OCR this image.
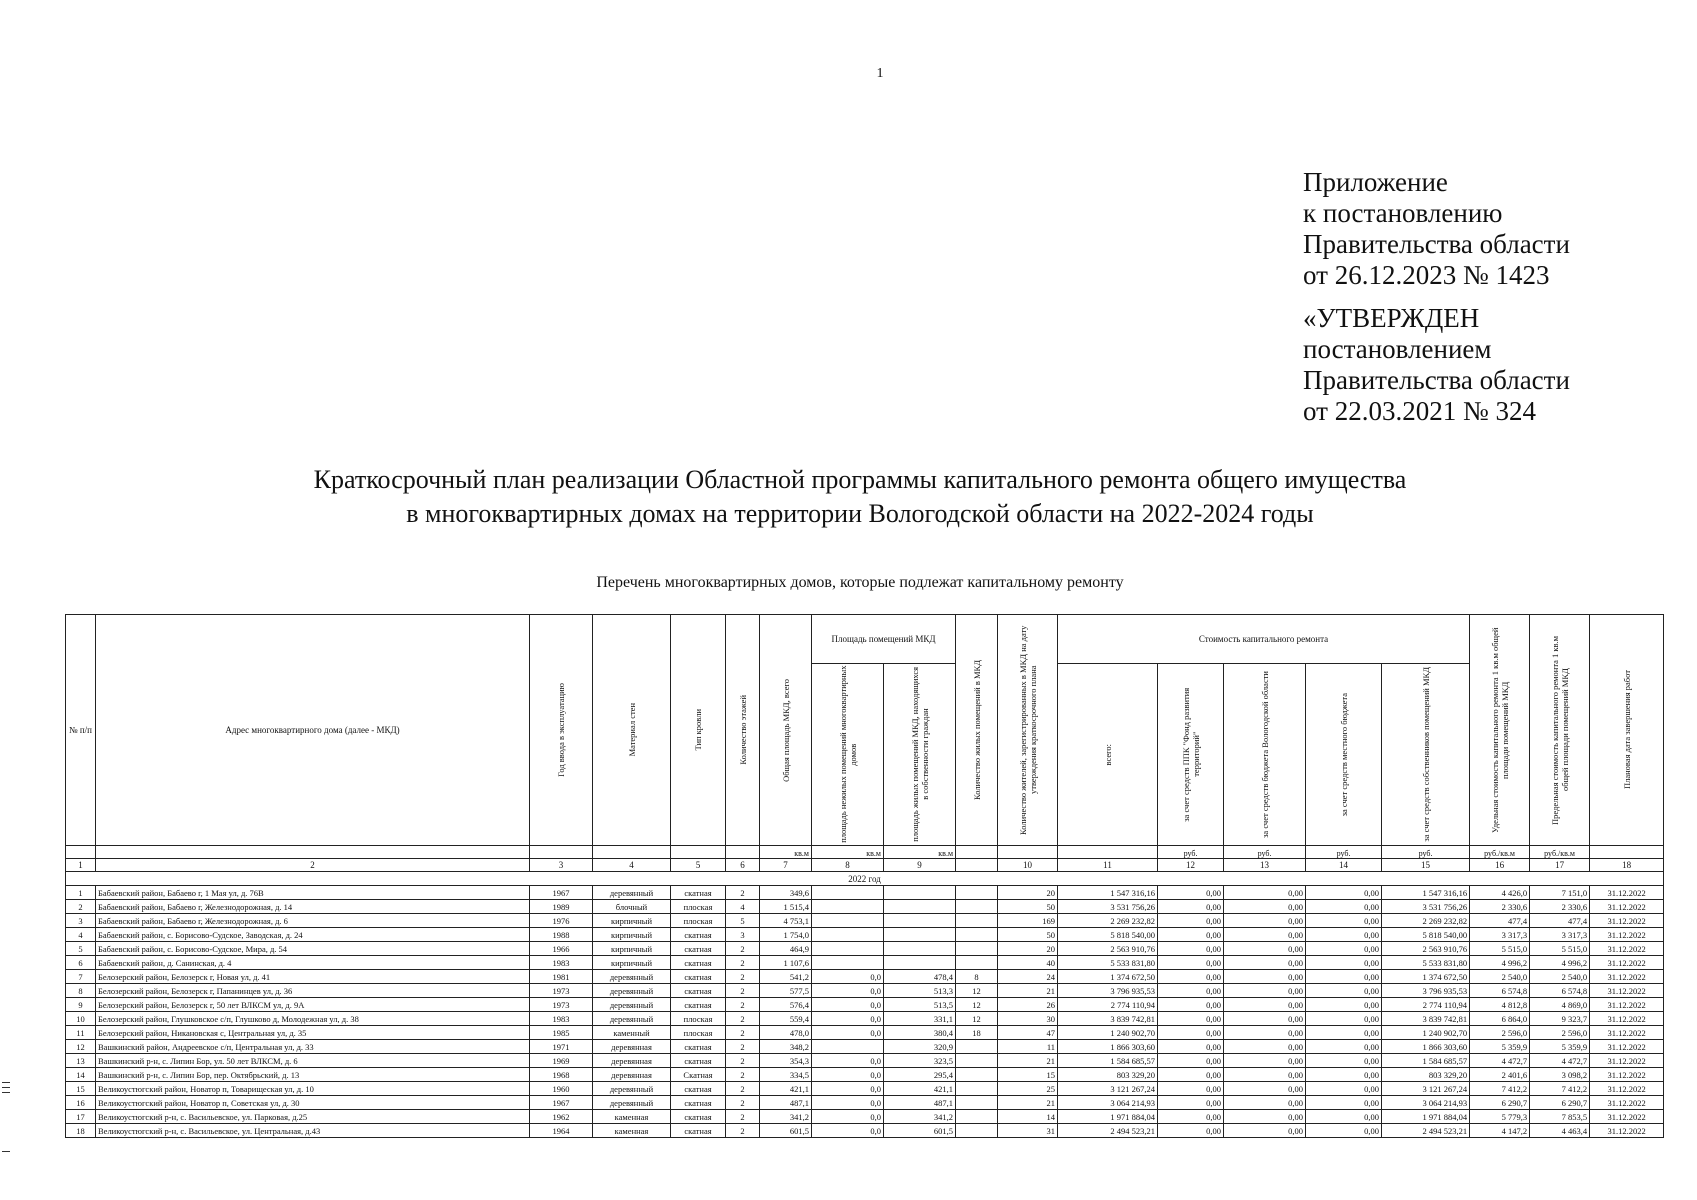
1
Приложение
к постановлению
Правительства области
от 26.12.2023 № 1423
«УТВЕРЖДЕН
постановлением
Правительства области
от 22.03.2021 № 324
Краткосрочный план реализации Областной программы капитального ремонта общего имущества
в многоквартирных домах на территории Вологодской области на 2022-2024 годы
Перечень многоквартирных домов, которые подлежат капитальному ремонту
№ п/п	Адрес многоквартирного дома (далее - МКД)	Год ввода в эксплуатацию	Материал стен	Тип кровли	Количество этажей	Общая площадь МКД, всего	Площадь помещений МКД		Количество жилых помещений в МКД	Количество жителей, зарегистрированных в МКД на дату утверждения краткосрочного плана	Стоимость капитального ремонта					Удельная стоимость капитального ремонта 1 кв.м общей площади помещений МКД	Предельная стоимость капитального ремонта 1 кв.м общей площади помещений МКД	Плановая дата завершения работ

							площадь нежилых помещений многоквартирных домов	площадь жилых помещений МКД, находящихся в собственности граждан			всего:	за счет средств ППК "Фонд развития территорий"	за счет средств бюджета Вологодской области	за счет средств местного бюджета	за счет средств собственников помещений МКД			

						кв.м	кв.м	кв.м				руб.	руб.	руб.	руб.	руб./кв.м	руб./кв.м	
1	2	3	4	5	6	7	8	9		10	11	12	13	14	15	16	17	18
2022 год																		
1	Бабаевский район, Бабаево г, 1 Мая ул, д. 76В	1967	деревянный	скатная	2	349,6				20	1 547 316,16	0,00	0,00	0,00	1 547 316,16	4 426,0	7 151,0	31.12.2022
2	Бабаевский район, Бабаево г, Железнодорожная, д. 14	1989	блочный	плоская	4	1 515,4				50	3 531 756,26	0,00	0,00	0,00	3 531 756,26	2 330,6	2 330,6	31.12.2022
3	Бабаевский район, Бабаево г, Железнодорожная, д. 6	1976	кирпичный	плоская	5	4 753,1				169	2 269 232,82	0,00	0,00	0,00	2 269 232,82	477,4	477,4	31.12.2022
4	Бабаевский район, с. Борисово-Судское, Заводская, д. 24	1988	кирпичный	скатная	3	1 754,0				50	5 818 540,00	0,00	0,00	0,00	5 818 540,00	3 317,3	3 317,3	31.12.2022
5	Бабаевский район, с. Борисово-Судское, Мира, д. 54	1966	кирпичный	скатная	2	464,9				20	2 563 910,76	0,00	0,00	0,00	2 563 910,76	5 515,0	5 515,0	31.12.2022
6	Бабаевский район, д. Санинская, д. 4	1983	кирпичный	скатная	2	1 107,6				40	5 533 831,80	0,00	0,00	0,00	5 533 831,80	4 996,2	4 996,2	31.12.2022
7	Белозерский район, Белозерск г, Новая ул, д. 41	1981	деревянный	скатная	2	541,2	0,0	478,4	8	24	1 374 672,50	0,00	0,00	0,00	1 374 672,50	2 540,0	2 540,0	31.12.2022
8	Белозерский район, Белозерск г, Папанинцев ул, д. 36	1973	деревянный	скатная	2	577,5	0,0	513,3	12	21	3 796 935,53	0,00	0,00	0,00	3 796 935,53	6 574,8	6 574,8	31.12.2022
9	Белозерский район, Белозерск г, 50 лет ВЛКСМ ул, д. 9А	1973	деревянный	скатная	2	576,4	0,0	513,5	12	26	2 774 110,94	0,00	0,00	0,00	2 774 110,94	4 812,8	4 869,0	31.12.2022
10	Белозерский район, Глушковское с/п, Глушково д, Молодежная ул, д. 38	1983	деревянный	плоская	2	559,4	0,0	331,1	12	30	3 839 742,81	0,00	0,00	0,00	3 839 742,81	6 864,0	9 323,7	31.12.2022
11	Белозерский район, Никановская с, Центральная ул, д. 35	1985	каменный	плоская	2	478,0	0,0	380,4	18	47	1 240 902,70	0,00	0,00	0,00	1 240 902,70	2 596,0	2 596,0	31.12.2022
12	Вашкинский район, Андреевское с/п, Центральная ул, д. 33	1971	деревянная	скатная	2	348,2		320,9		11	1 866 303,60	0,00	0,00	0,00	1 866 303,60	5 359,9	5 359,9	31.12.2022
13	Вашкинский р-н, с. Липин Бор, ул. 50 лет ВЛКСМ, д. 6	1969	деревянная	скатная	2	354,3	0,0	323,5		21	1 584 685,57	0,00	0,00	0,00	1 584 685,57	4 472,7	4 472,7	31.12.2022
14	Вашкинский р-н, с. Липин Бор, пер. Октябрьский, д. 13	1968	деревянная	Скатная	2	334,5	0,0	295,4		15	803 329,20	0,00	0,00	0,00	803 329,20	2 401,6	3 098,2	31.12.2022
15	Великоустюгский район, Новатор п, Товарищеская ул, д. 10	1960	деревянный	скатная	2	421,1	0,0	421,1		25	3 121 267,24	0,00	0,00	0,00	3 121 267,24	7 412,2	7 412,2	31.12.2022
16	Великоустюгский район, Новатор п, Советская ул, д. 30	1967	деревянный	скатная	2	487,1	0,0	487,1		21	3 064 214,93	0,00	0,00	0,00	3 064 214,93	6 290,7	6 290,7	31.12.2022
17	Великоустюгский р-н, с. Васильевское, ул. Парковая, д.25	1962	каменная	скатная	2	341,2	0,0	341,2		14	1 971 884,04	0,00	0,00	0,00	1 971 884,04	5 779,3	7 853,5	31.12.2022
18	Великоустюгский р-н, с. Васильевское, ул. Центральная, д.43	1964	каменная	скатная	2	601,5	0,0	601,5		31	2 494 523,21	0,00	0,00	0,00	2 494 523,21	4 147,2	4 463,4	31.12.2022
